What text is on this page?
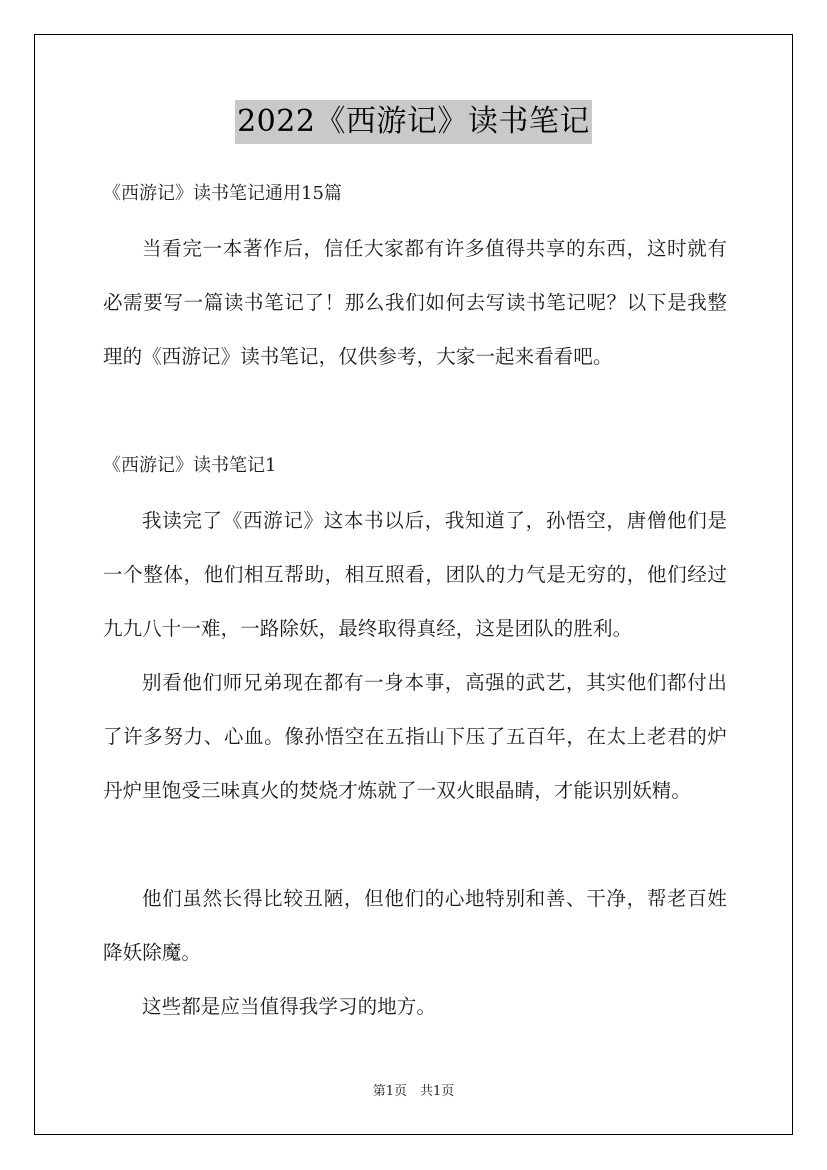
2022《西游记》读书笔记
《西游记》读书笔记通用15篇

当看完一本著作后，信任大家都有许多值得共享的东西，这时就有必需要写一篇读书笔记了！那么我们如何去写读书笔记呢？以下是我整理的《西游记》读书笔记，仅供参考，大家一起来看看吧。

《西游记》读书笔记1

我读完了《西游记》这本书以后，我知道了，孙悟空，唐僧他们是一个整体，他们相互帮助，相互照看，团队的力气是无穷的，他们经过九九八十一难，一路除妖，最终取得真经，这是团队的胜利。

别看他们师兄弟现在都有一身本事，高强的武艺，其实他们都付出了许多努力、心血。像孙悟空在五指山下压了五百年，在太上老君的炉丹炉里饱受三味真火的焚烧才炼就了一双火眼晶睛，才能识别妖精。

他们虽然长得比较丑陋，但他们的心地特别和善、干净，帮老百姓降妖除魔。

这些都是应当值得我学习的地方。

第1页　共1页
